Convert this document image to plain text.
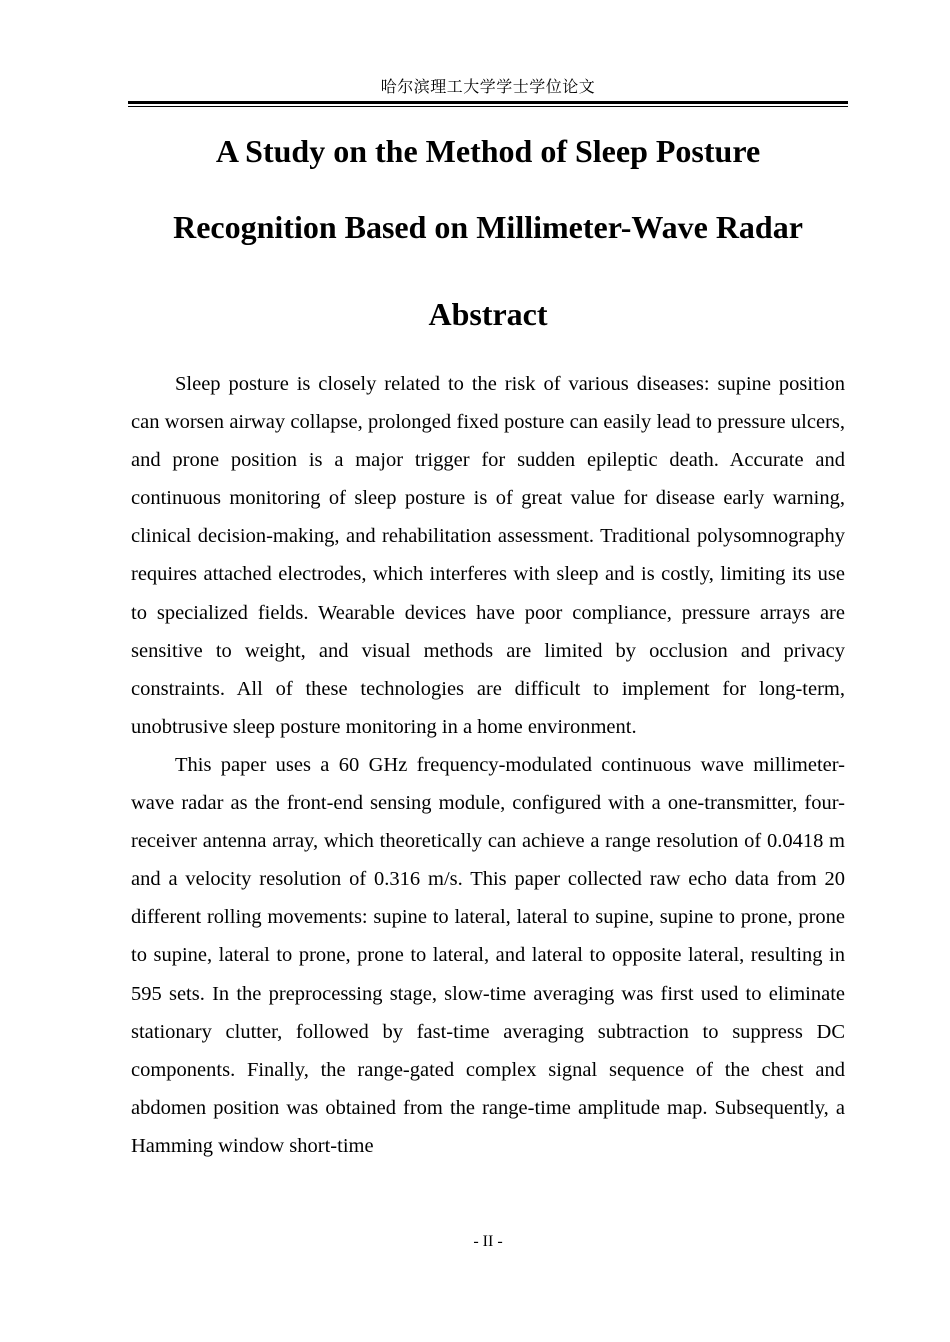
哈尔滨理工大学学士学位论文
A Study on the Method of Sleep Posture
Recognition Based on Millimeter-Wave Radar
Abstract

Sleep posture is closely related to the risk of various diseases: supine position can worsen airway collapse, prolonged fixed posture can easily lead to pressure ulcers, and prone position is a major trigger for sudden epileptic death. Accurate and continuous monitoring of sleep posture is of great value for disease early warning, clinical decision-making, and rehabilitation assessment. Traditional polysomnography requires attached electrodes, which interferes with sleep and is costly, limiting its use to specialized fields. Wearable devices have poor compliance, pressure arrays are sensitive to weight, and visual methods are limited by occlusion and privacy constraints. All of these technologies are difficult to implement for long-term, unobtrusive sleep posture monitoring in a home environment.

This paper uses a 60 GHz frequency-modulated continuous wave millimeter-wave radar as the front-end sensing module, configured with a one-transmitter, four-receiver antenna array, which theoretically can achieve a range resolution of 0.0418 m and a velocity resolution of 0.316 m/s. This paper collected raw echo data from 20 different rolling movements: supine to lateral, lateral to supine, supine to prone, prone to supine, lateral to prone, prone to lateral, and lateral to opposite lateral, resulting in 595 sets. In the preprocessing stage, slow-time averaging was first used to eliminate stationary clutter, followed by fast-time averaging subtraction to suppress DC components. Finally, the range-gated complex signal sequence of the chest and abdomen position was obtained from the range-time amplitude map. Subsequently, a Hamming window short-time

- II -
